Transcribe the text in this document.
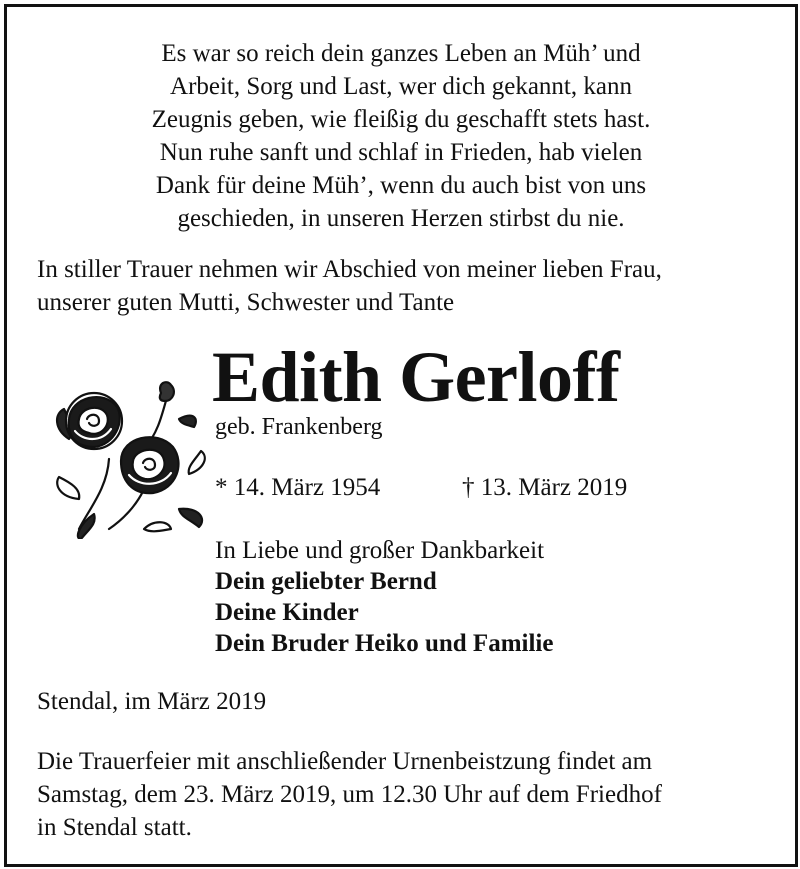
Es war so reich dein ganzes Leben an Müh’ und
Arbeit, Sorg und Last, wer dich gekannt, kann
Zeugnis geben, wie fleißig du geschafft stets hast.
Nun ruhe sanft und schlaf in Frieden, hab vielen
Dank für deine Müh’, wenn du auch bist von uns
geschieden, in unseren Herzen stirbst du nie.
In stiller Trauer nehmen wir Abschied von meiner lieben Frau,
unserer guten Mutti, Schwester und Tante
Edith Gerloff
geb. Frankenberg
* 14. März 1954	† 13. März 2019
In Liebe und großer Dankbarkeit
Dein geliebter Bernd
Deine Kinder
Dein Bruder Heiko und Familie
Stendal, im März 2019
Die Trauerfeier mit anschließender Urnenbeistzung findet am
Samstag, dem 23. März 2019, um 12.30 Uhr auf dem Friedhof
in Stendal statt.
